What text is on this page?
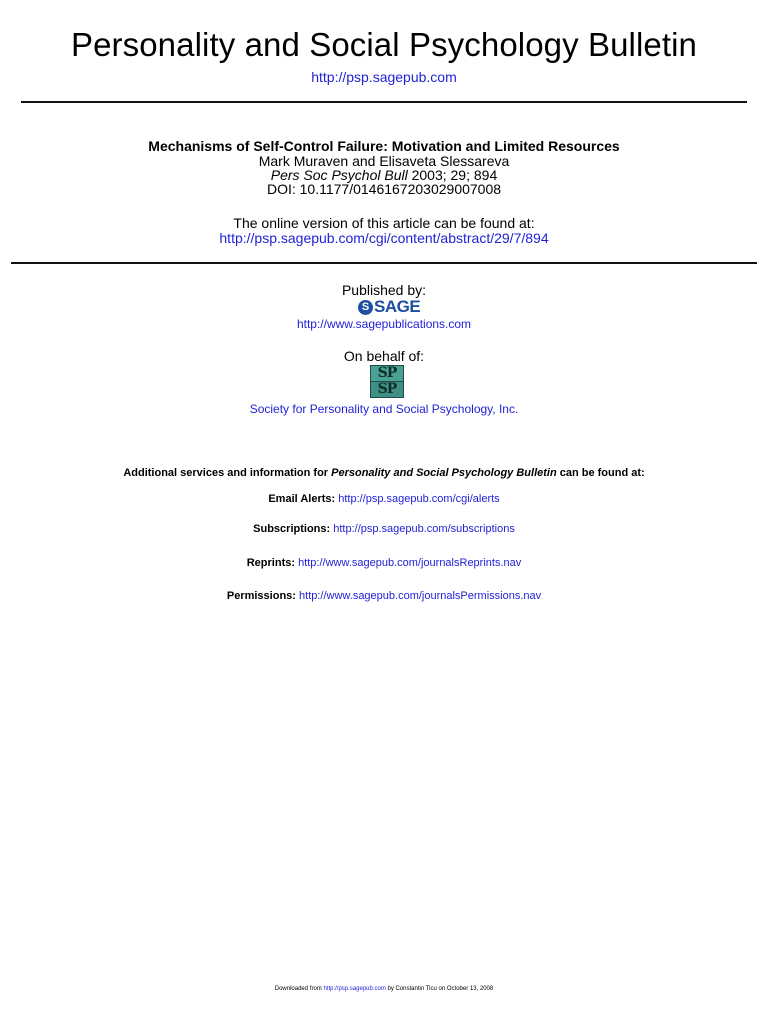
Personality and Social Psychology Bulletin
http://psp.sagepub.com
Mechanisms of Self-Control Failure: Motivation and Limited Resources
Mark Muraven and Elisaveta Slessareva
Pers Soc Psychol Bull 2003; 29; 894
DOI: 10.1177/0146167203029007008
The online version of this article can be found at:
http://psp.sagepub.com/cgi/content/abstract/29/7/894
Published by:
S SAGE
http://www.sagepublications.com
On behalf of:
SP
SP
Society for Personality and Social Psychology, Inc.
Additional services and information for Personality and Social Psychology Bulletin can be found at:
Email Alerts: http://psp.sagepub.com/cgi/alerts
Subscriptions: http://psp.sagepub.com/subscriptions
Reprints: http://www.sagepub.com/journalsReprints.nav
Permissions: http://www.sagepub.com/journalsPermissions.nav
Downloaded from http://psp.sagepub.com by Constantin Ticu on October 13, 2008
